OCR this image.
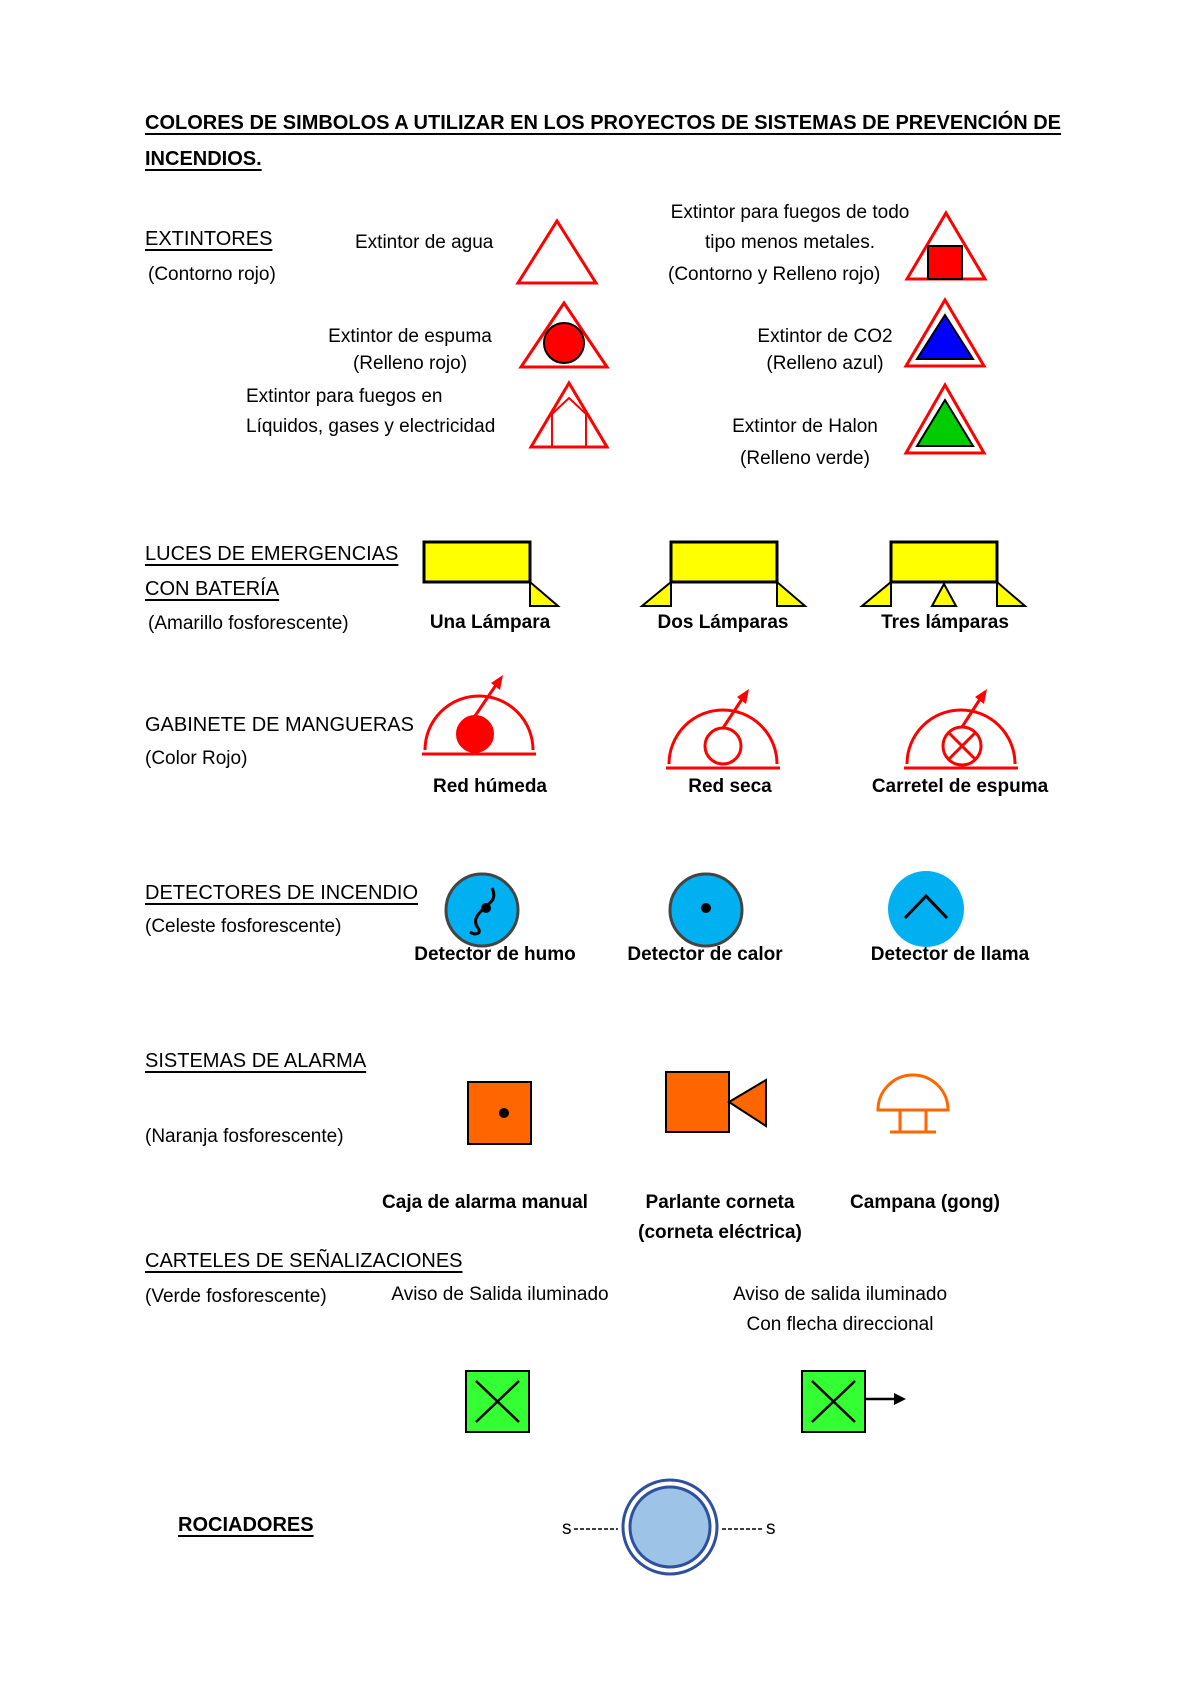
COLORES DE SIMBOLOS A UTILIZAR EN LOS PROYECTOS DE SISTEMAS DE PREVENCIÓN DE
INCENDIOS.
EXTINTORES
(Contorno rojo)
Extintor de agua
Extintor para fuegos de todo
tipo menos metales.
(Contorno y Relleno rojo)
Extintor de espuma
(Relleno rojo)
Extintor de CO2
(Relleno azul)
Extintor para fuegos en
Líquidos, gases y electricidad	Extintor de Halon
(Relleno verde)
LUCES DE EMERGENCIAS
CON BATERÍA
(Amarillo fosforescente)	Una Lámpara	Dos Lámparas	Tres lámparas
GABINETE DE MANGUERAS
(Color Rojo)
Red húmeda	Red seca	Carretel de espuma
DETECTORES DE INCENDIO
(Celeste fosforescente)
Detector de humo	Detector de calor	Detector de llama
SISTEMAS DE ALARMA
(Naranja fosforescente)
Caja de alarma manual	Parlante corneta
(corneta eléctrica)
Campana (gong)
CARTELES DE SEÑALIZACIONES
(Verde fosforescente)	Aviso de Salida iluminado	Aviso de salida iluminado
Con flecha direccional
ROCIADORES	s	s
